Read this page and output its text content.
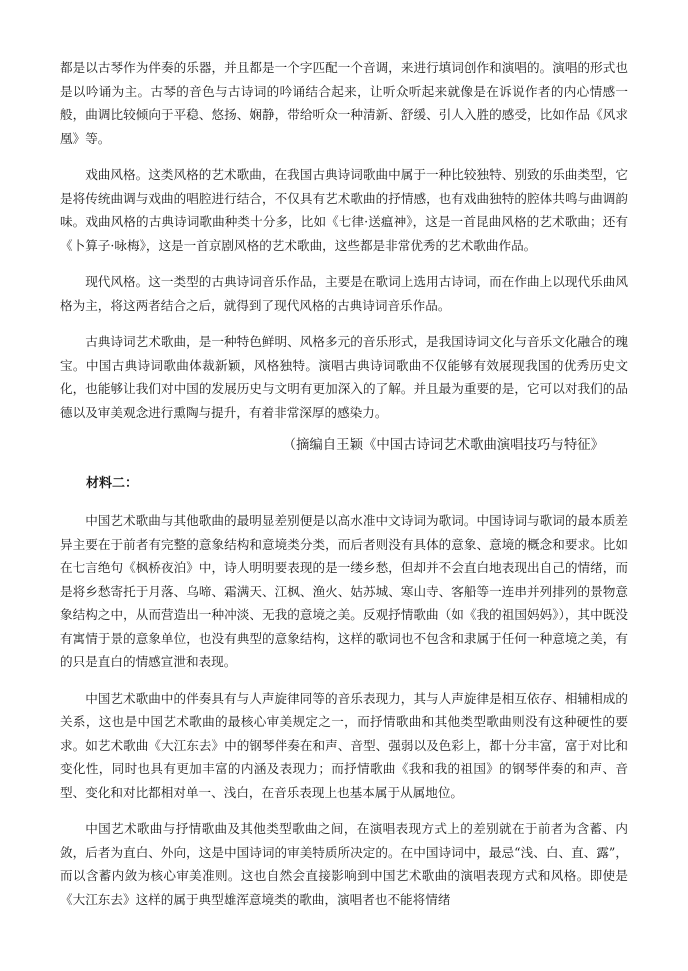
都是以古琴作为伴奏的乐器，并且都是一个字匹配一个音调，来进行填词创作和演唱的。演唱的形式也是以吟诵为主。古琴的音色与古诗词的吟诵结合起来，让听众听起来就像是在诉说作者的内心情感一般，曲调比较倾向于平稳、悠扬、娴静，带给听众一种清新、舒缓、引人入胜的感受，比如作品《风求凰》等。

戏曲风格。这类风格的艺术歌曲，在我国古典诗词歌曲中属于一种比较独特、别致的乐曲类型，它是将传统曲调与戏曲的唱腔进行结合，不仅具有艺术歌曲的抒情感，也有戏曲独特的腔体共鸣与曲调韵味。戏曲风格的古典诗词歌曲种类十分多，比如《七律·送瘟神》，这是一首昆曲风格的艺术歌曲；还有《卜算子·咏梅》，这是一首京剧风格的艺术歌曲，这些都是非常优秀的艺术歌曲作品。

现代风格。这一类型的古典诗词音乐作品，主要是在歌词上选用古诗词，而在作曲上以现代乐曲风格为主，将这两者结合之后，就得到了现代风格的古典诗词音乐作品。

古典诗词艺术歌曲，是一种特色鲜明、风格多元的音乐形式，是我国诗词文化与音乐文化融合的瑰宝。中国古典诗词歌曲体裁新颖，风格独特。演唱古典诗词歌曲不仅能够有效展现我国的优秀历史文化，也能够让我们对中国的发展历史与文明有更加深入的了解。并且最为重要的是，它可以对我们的品德以及审美观念进行熏陶与提升，有着非常深厚的感染力。

（摘编自王颖《中国古诗词艺术歌曲演唱技巧与特征》

材料二：

中国艺术歌曲与其他歌曲的最明显差别便是以高水准中文诗词为歌词。中国诗词与歌词的最本质差异主要在于前者有完整的意象结构和意境类分类，而后者则没有具体的意象、意境的概念和要求。比如在七言绝句《枫桥夜泊》中，诗人明明要表现的是一缕乡愁，但却并不会直白地表现出自己的情绪，而是将乡愁寄托于月落、乌啼、霜满天、江枫、渔火、姑苏城、寒山寺、客船等一连串并列排列的景物意象结构之中，从而营造出一种冲淡、无我的意境之美。反观抒情歌曲（如《我的祖国妈妈》），其中既没有寓情于景的意象单位，也没有典型的意象结构，这样的歌词也不包含和隶属于任何一种意境之美，有的只是直白的情感宣泄和表现。

中国艺术歌曲中的伴奏具有与人声旋律同等的音乐表现力，其与人声旋律是相互依存、相辅相成的关系，这也是中国艺术歌曲的最核心审美规定之一，而抒情歌曲和其他类型歌曲则没有这种硬性的要求。如艺术歌曲《大江东去》中的钢琴伴奏在和声、音型、强弱以及色彩上，都十分丰富，富于对比和变化性，同时也具有更加丰富的内涵及表现力；而抒情歌曲《我和我的祖国》的钢琴伴奏的和声、音型、变化和对比都相对单一、浅白，在音乐表现上也基本属于从属地位。

中国艺术歌曲与抒情歌曲及其他类型歌曲之间，在演唱表现方式上的差别就在于前者为含蓄、内敛，后者为直白、外向，这是中国诗词的审美特质所决定的。在中国诗词中，最忌“浅、白、直、露”，而以含蓄内敛为核心审美准则。这也自然会直接影响到中国艺术歌曲的演唱表现方式和风格。即使是《大江东去》这样的属于典型雄浑意境类的歌曲，演唱者也不能将情绪
